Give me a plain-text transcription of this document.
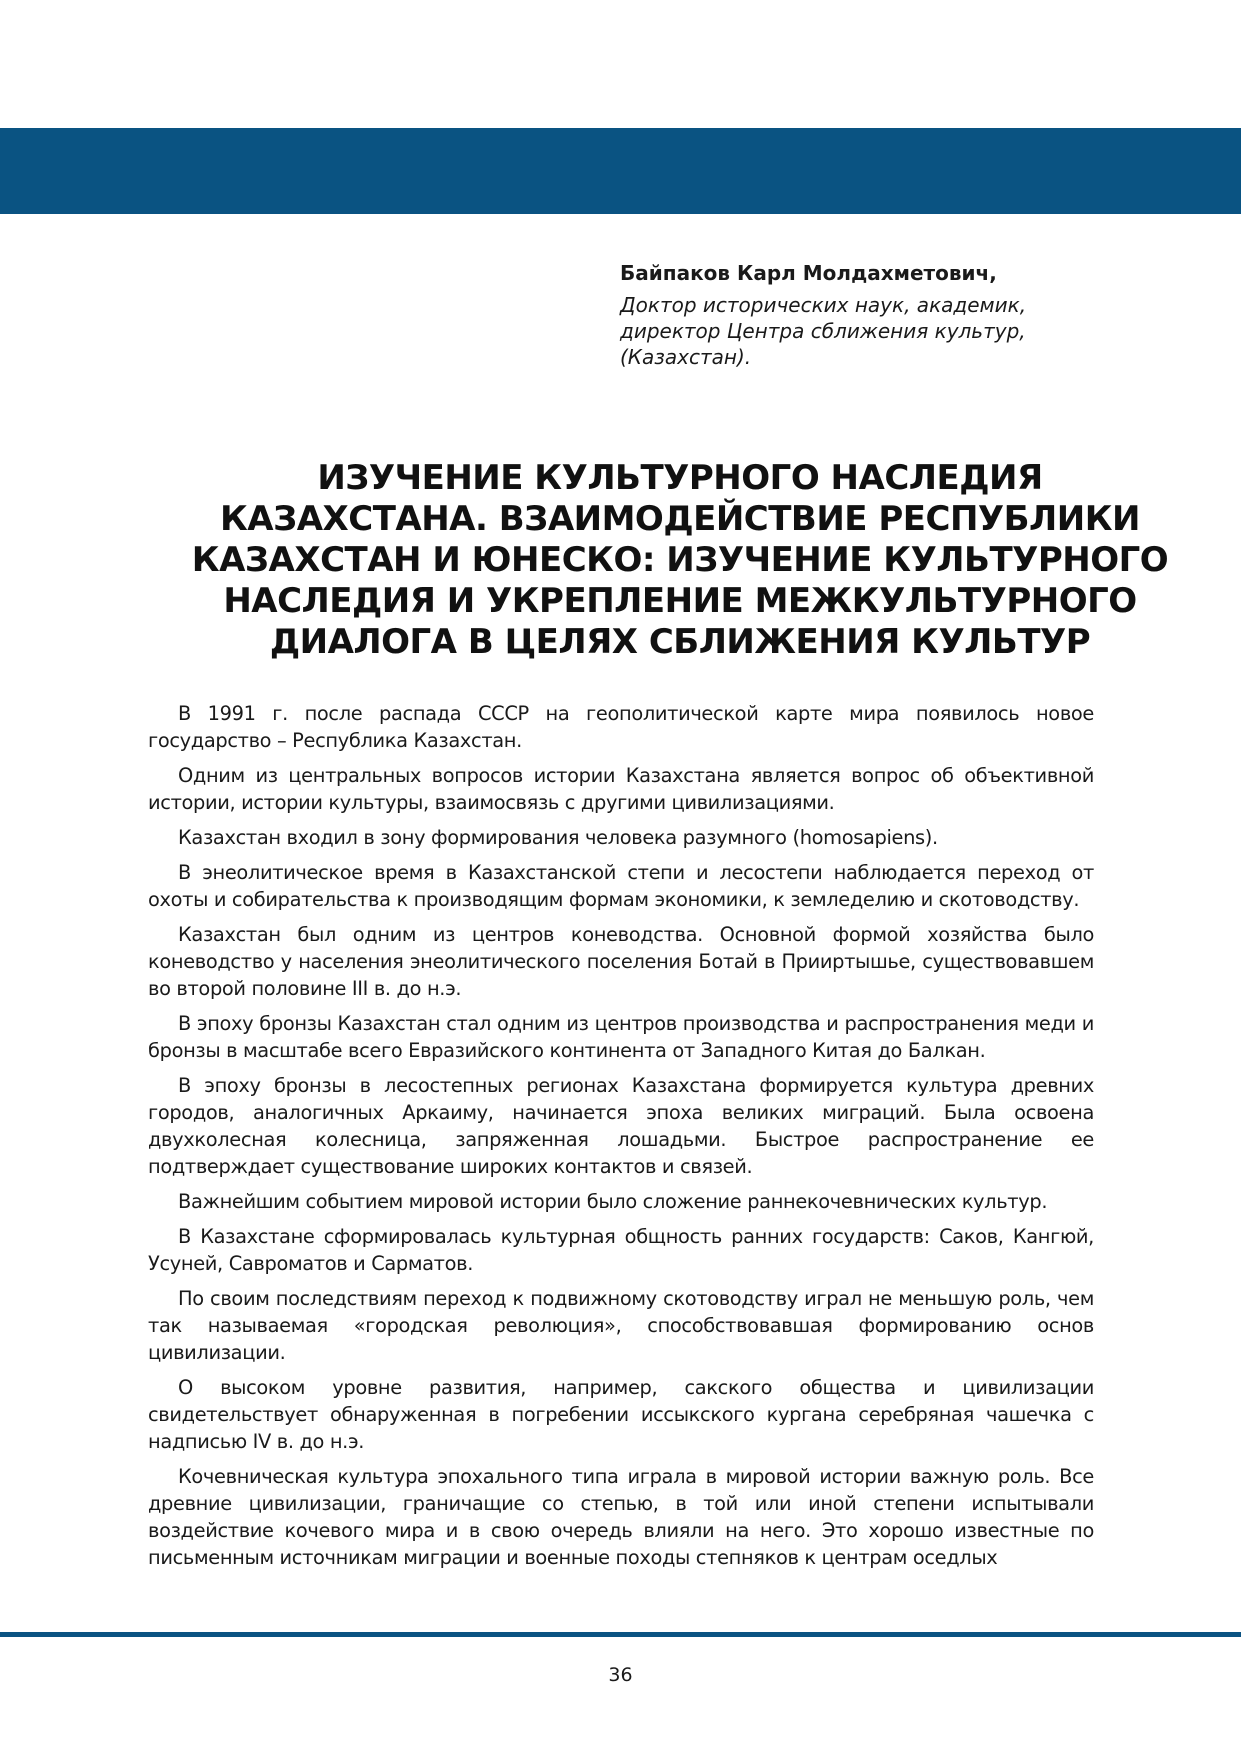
Байпаков Карл Молдахметович,
Доктор исторических наук, академик,
директор Центра сближения культур,
(Казахстан).
ИЗУЧЕНИЕ КУЛЬТУРНОГО НАСЛЕДИЯ
КАЗАХСТАНА. ВЗАИМОДЕЙСТВИЕ РЕСПУБЛИКИ
КАЗАХСТАН И ЮНЕСКО: ИЗУЧЕНИЕ КУЛЬТУРНОГО
НАСЛЕДИЯ И УКРЕПЛЕНИЕ МЕЖКУЛЬТУРНОГО
ДИАЛОГА В ЦЕЛЯХ СБЛИЖЕНИЯ КУЛЬТУР

В 1991 г. после распада СССР на геополитической карте мира появилось новое государство – Республика Казахстан.

Одним из центральных вопросов истории Казахстана является вопрос об объективной истории, истории культуры, взаимосвязь с другими цивилизациями.

Казахстан входил в зону формирования человека разумного (homosapiens).

В энеолитическое время в Казахстанской степи и лесостепи наблюдается переход от охоты и собирательства к производящим формам экономики, к земледелию и скотоводству.

Казахстан был одним из центров коневодства. Основной формой хозяйства было коневодство у населения энеолитического поселения Ботай в Прииртышье, существовавшем во второй половине III в. до н.э.

В эпоху бронзы Казахстан стал одним из центров производства и распространения меди и бронзы в масштабе всего Евразийского континента от Западного Китая до Балкан.

В эпоху бронзы в лесостепных регионах Казахстана формируется культура древних городов, аналогичных Аркаиму, начинается эпоха великих миграций. Была освоена двухколесная колесница, запряженная лошадьми. Быстрое распространение ее подтверждает существование широких контактов и связей.

Важнейшим событием мировой истории было сложение раннекочевнических культур.

В Казахстане сформировалась культурная общность ранних государств: Саков, Кангюй, Усуней, Савроматов и Сарматов.

По своим последствиям переход к подвижному скотоводству играл не меньшую роль, чем так называемая «городская революция», способствовавшая формированию основ цивилизации.

О высоком уровне развития, например, сакского общества и цивилизации свидетельствует обнаруженная в погребении иссыкского кургана серебряная чашечка с надписью IV в. до н.э.

Кочевническая культура эпохального типа играла в мировой истории важную роль. Все древние цивилизации, граничащие со степью, в той или иной степени испытывали воздействие кочевого мира и в свою очередь влияли на него. Это хорошо известные по письменным источникам миграции и военные походы степняков к центрам оседлых

36
